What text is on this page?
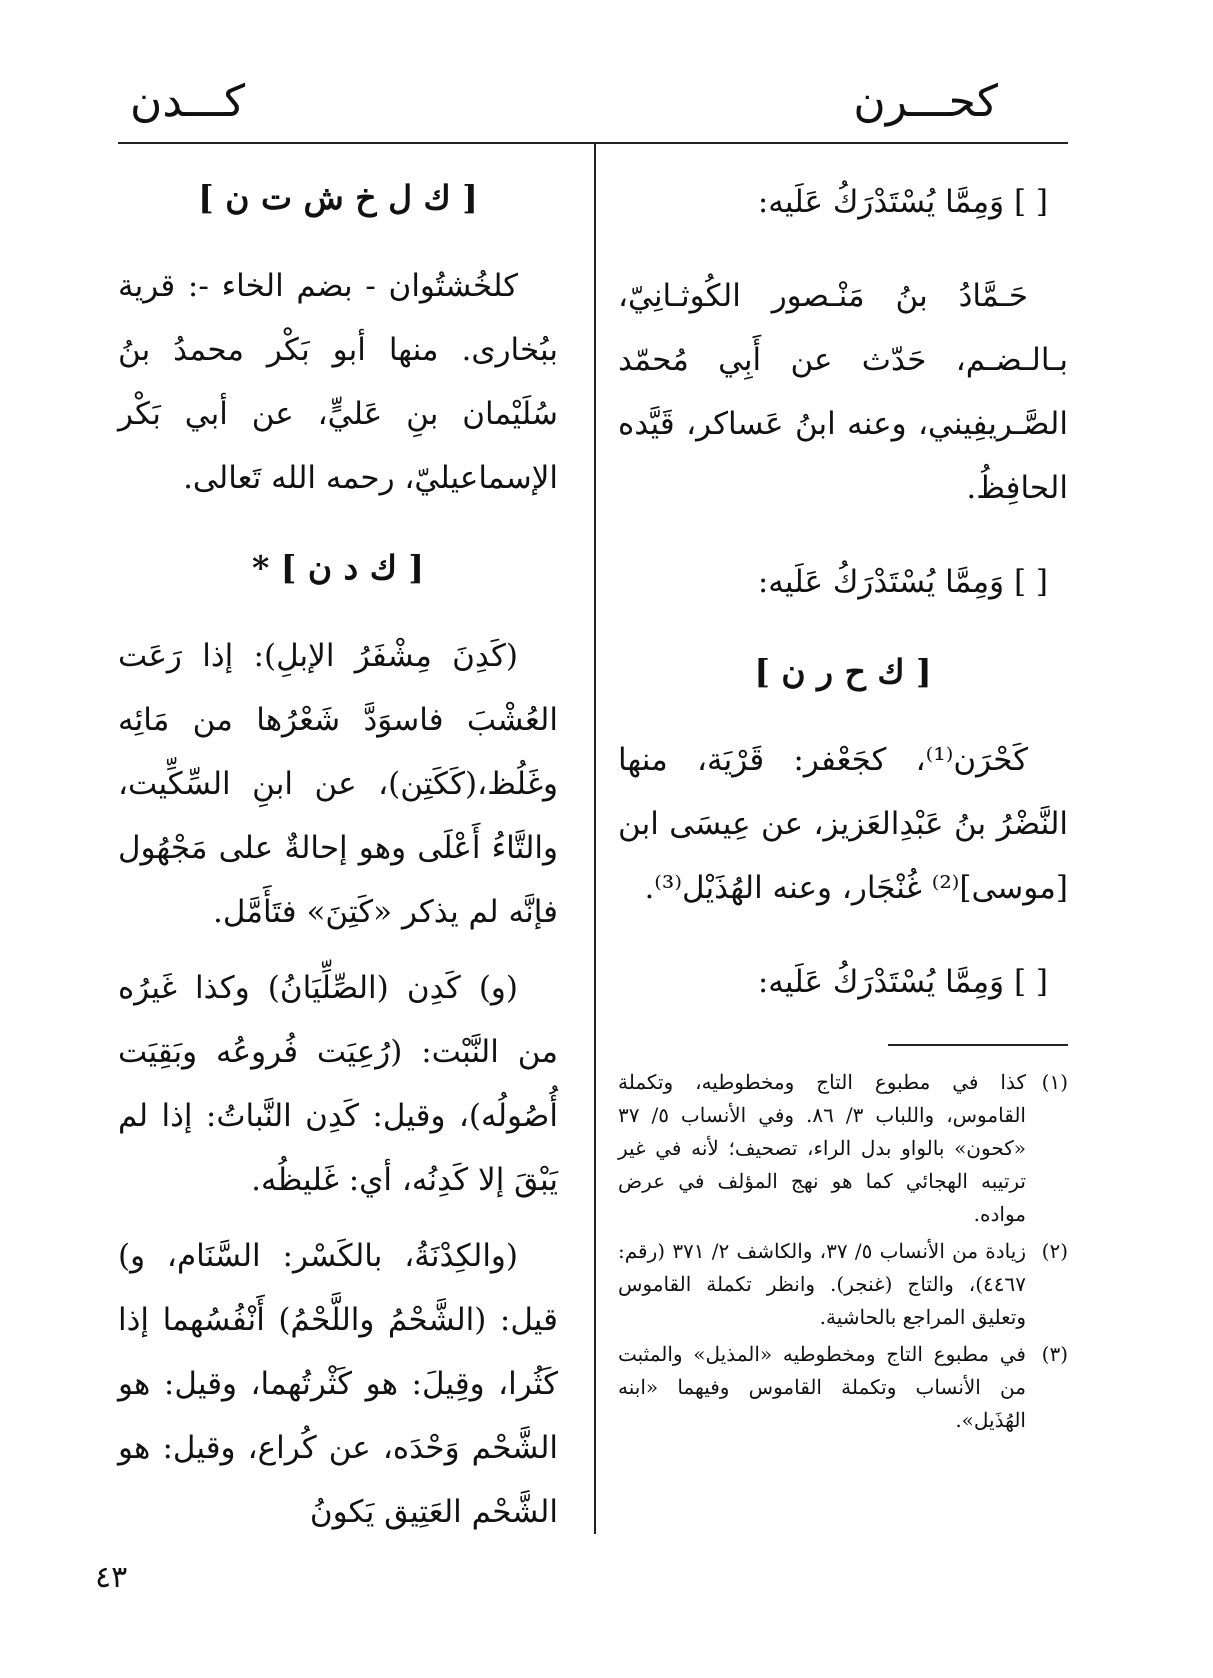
كحـــرن
كـــدن

[ ] وَمِمَّا يُسْتَدْرَكُ عَلَيه:

حَـمَّادُ بنُ مَنْـصور الكُوثـانِيّ، بـالـضـم، حَدّث عن أَبِي مُحمّد الصَّـريفِيني، وعنه ابنُ عَساكر، قَيَّده الحافِظُ.

[ ] وَمِمَّا يُسْتَدْرَكُ عَلَيه:

[ ك ح ر ن ]

كَحْرَن⁽¹⁾، كجَعْفر: قَرْيَة، منها النَّضْرُ بنُ عَبْدِالعَزيز، عن عِيسَى ابن [موسى]⁽²⁾ غُنْجَار، وعنه الهُذَيْل⁽³⁾.

[ ] وَمِمَّا يُسْتَدْرَكُ عَلَيه:

(١)
كذا في مطبوع التاج ومخطوطيه، وتكملة القاموس، واللباب ٣/ ٨٦. وفي الأنساب ٥/ ٣٧ «كحون» بالواو بدل الراء، تصحيف؛ لأنه في غير ترتيبه الهجائي كما هو نهج المؤلف في عرض مواده.
(٢)
زيادة من الأنساب ٥/ ٣٧، والكاشف ٢/ ٣٧١ (رقم: ٤٤٦٧)، والتاج (غنجر). وانظر تكملة القاموس وتعليق المراجع بالحاشية.
(٣)
في مطبوع التاج ومخطوطيه «المذيل» والمثبت من الأنساب وتكملة القاموس وفيهما «ابنه الهُذَيل».
[ ك ل خ ش ت ن ]

كلخُشتُوان - بضم الخاء -: قرية ببُخارى. منها أبو بَكْر محمدُ بنُ سُلَيْمان بنِ عَليٍّ، عن أبي بَكْر الإسماعيليّ، رحمه الله تَعالى.

[ ك د ن ] *

(كَدِنَ مِشْفَرُ الإبلِ): إذا رَعَت العُشْبَ فاسوَدَّ شَعْرُها من مَائِه وغَلُظ،(كَكَتِن)، عن ابنِ السِّكِّيت، والتَّاءُ أَعْلَى وهو إحالةٌ على مَجْهُول فإنَّه لم يذكر «كَتِنَ» فتَأَمَّل.

(و) كَدِن (الصِّلِّيَانُ) وكذا غَيرُه من النَّبْت: (رُعِيَت فُروعُه وبَقِيَت أُصُولُه)، وقيل: كَدِن النَّباتُ: إذا لم يَبْقَ إلا كَدِنُه، أي: غَليظُه.

(والكِدْنَةُ، بالكَسْر: السَّنَام، و) قيل: (الشَّحْمُ واللَّحْمُ) أَنْفُسُهما إذا كَثُرا، وقِيلَ: هو كَثْرتُهما، وقيل: هو الشَّحْم وَحْدَه، عن كُراع، وقيل: هو الشَّحْم العَتِيق يَكونُ

٤٣
